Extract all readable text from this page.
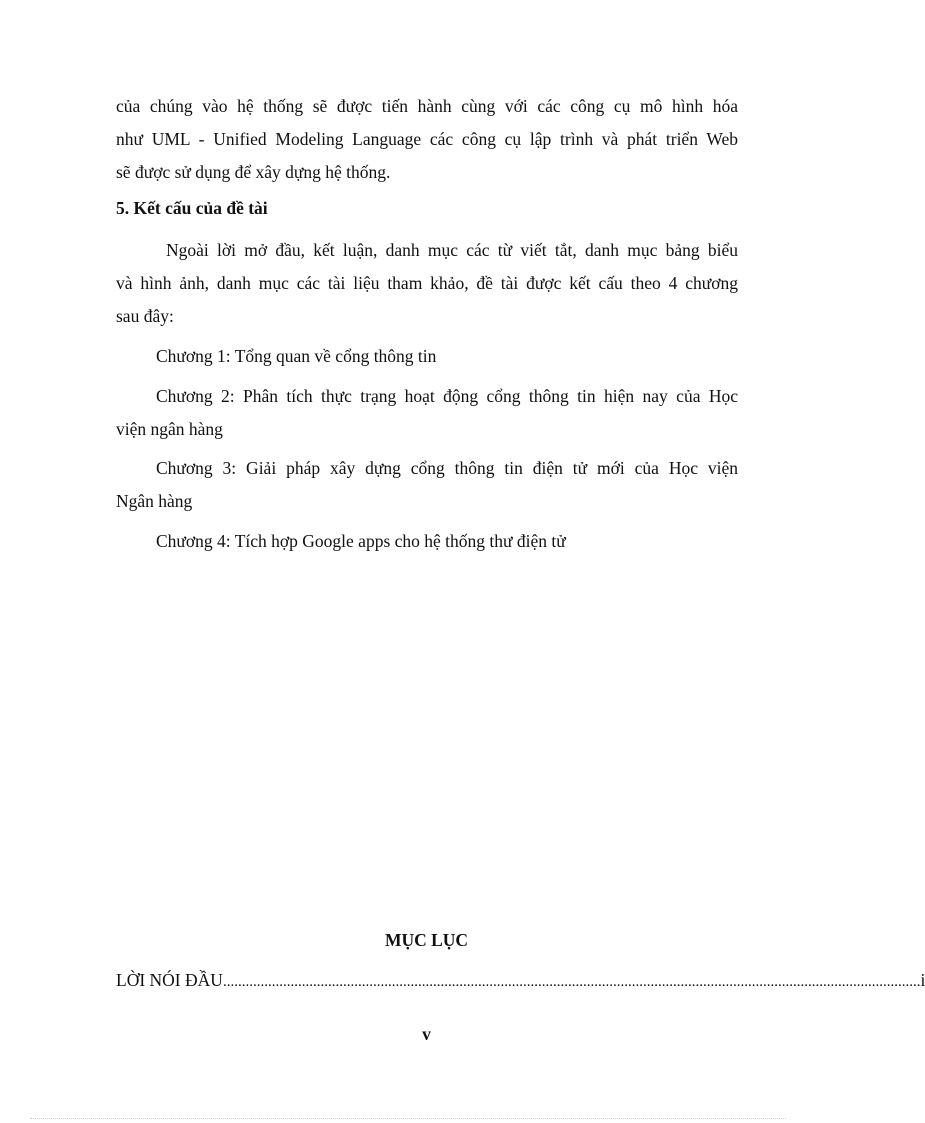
của chúng vào hệ thống sẽ được tiến hành cùng với các công cụ mô hình hóa

như UML - Unified Modeling Language các công cụ lập trình và phát triển Web

sẽ được sử dụng để xây dựng hệ thống.

5. Kết cấu của đề tài

Ngoài lời mở đầu, kết luận, danh mục các từ viết tắt, danh mục bảng biểu

và hình ảnh, danh mục các tài liệu tham khảo, đề tài được kết cấu theo 4 chương

sau đây:

Chương 1: Tổng quan về cổng thông tin

Chương 2: Phân tích thực trạng hoạt động cổng thông tin hiện nay của Học

viện ngân hàng

Chương 3: Giải pháp xây dựng cổng thông tin điện tử mới của Học viện

Ngân hàng

Chương 4: Tích hợp Google apps cho hệ thống thư điện tử

MỤC LỤC

LỜI NÓI ĐẦU .......................................................................................................................................................................................... i

v
